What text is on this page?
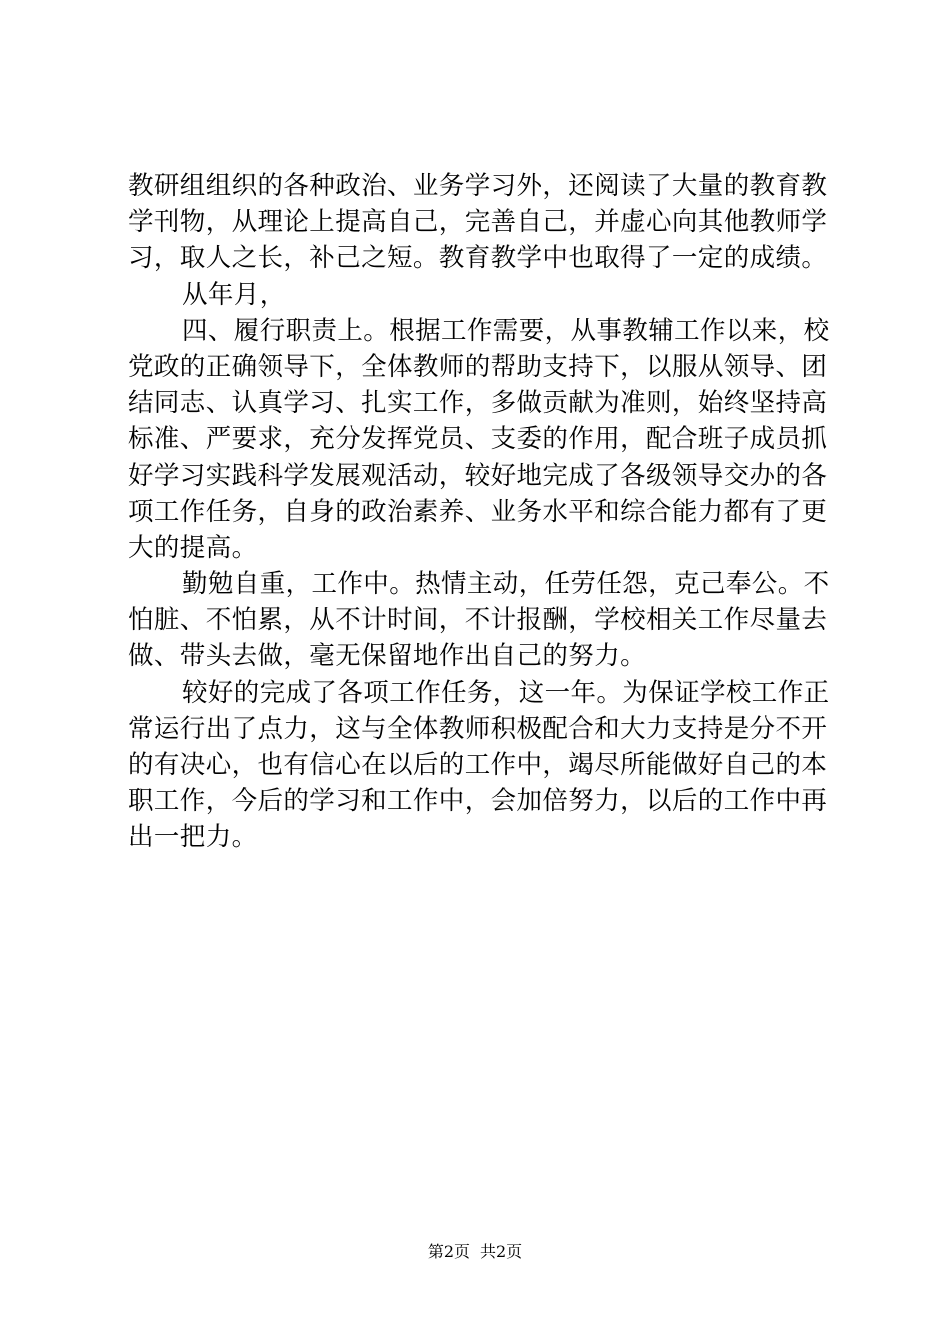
教研组组织的各种政治、业务学习外，还阅读了大量的教育教
学刊物，从理论上提高自己，完善自己，并虚心向其他教师学
习，取人之长，补己之短。教育教学中也取得了一定的成绩。
从年月，
四、履行职责上。根据工作需要，从事教辅工作以来，校
党政的正确领导下，全体教师的帮助支持下，以服从领导、团
结同志、认真学习、扎实工作，多做贡献为准则，始终坚持高
标准、严要求，充分发挥党员、支委的作用，配合班子成员抓
好学习实践科学发展观活动，较好地完成了各级领导交办的各
项工作任务，自身的政治素养、业务水平和综合能力都有了更
大的提高。
勤勉自重，工作中。热情主动，任劳任怨，克己奉公。不
怕脏、不怕累，从不计时间，不计报酬，学校相关工作尽量去
做、带头去做，毫无保留地作出自己的努力。
较好的完成了各项工作任务，这一年。为保证学校工作正
常运行出了点力，这与全体教师积极配合和大力支持是分不开
的有决心，也有信心在以后的工作中，竭尽所能做好自己的本
职工作，今后的学习和工作中，会加倍努力，以后的工作中再
出一把力。
第2页 共2页
